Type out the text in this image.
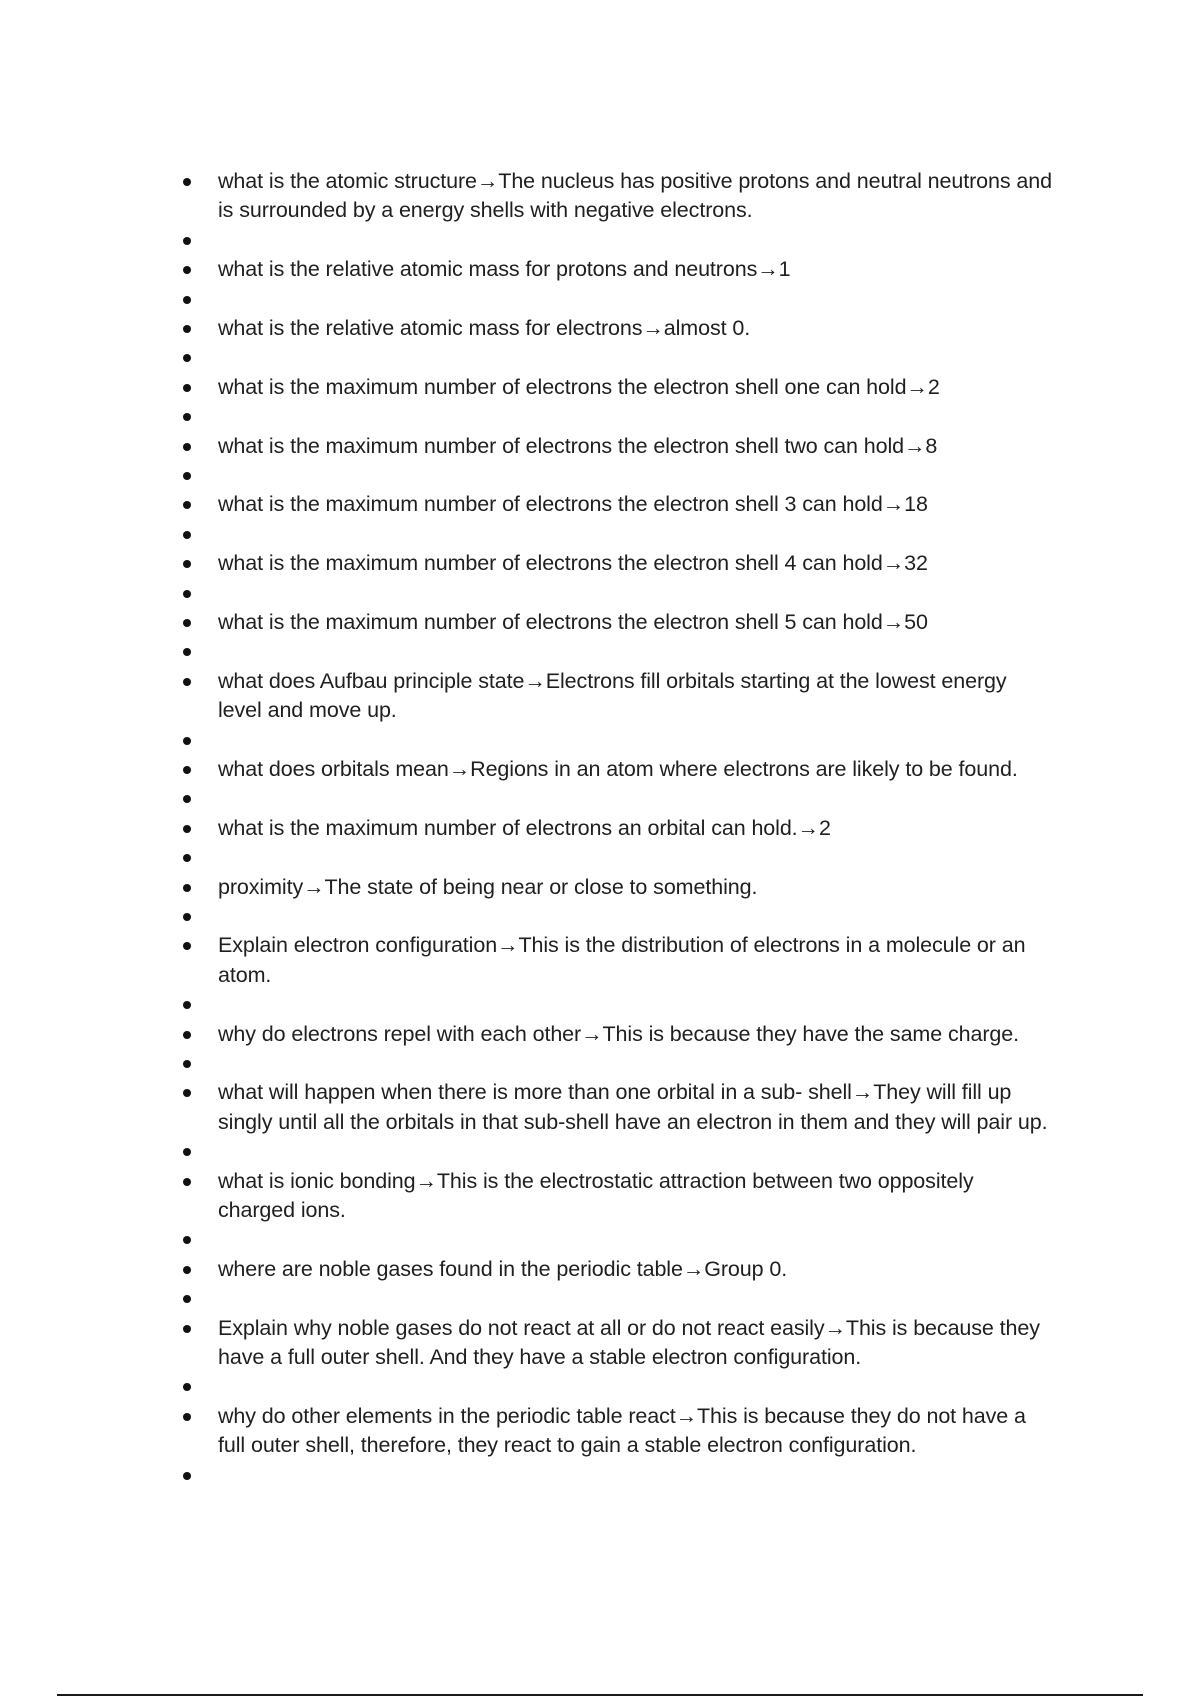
what is the atomic structure→The nucleus has positive protons and neutral neutrons and is surrounded by a energy shells with negative electrons.
what is the relative atomic mass for protons and neutrons→1
what is the relative atomic mass for electrons→almost 0.
what is the maximum number of electrons the electron shell one can hold→2
what is the maximum number of electrons the electron shell two can hold→8
what is the maximum number of electrons the electron shell 3 can hold→18
what is the maximum number of electrons the electron shell 4 can hold→32
what is the maximum number of electrons the electron shell 5 can hold→50
what does Aufbau principle state→Electrons fill orbitals starting at the lowest energy level and move up.
what does orbitals mean→Regions in an atom where electrons are likely to be found.
what is the maximum number of electrons an orbital can hold.→2
proximity→The state of being near or close to something.
Explain electron configuration→This is the distribution of electrons in a molecule or an atom.
why do electrons repel with each other→This is because they have the same charge.
what will happen when there is more than one orbital in a sub- shell→They will fill up singly until all the orbitals in that sub-shell have an electron in them and they will pair up.
what is ionic bonding→This is the electrostatic attraction between two oppositely charged ions.
where are noble gases found in the periodic table→Group 0.
Explain why noble gases do not react at all or do not react easily→This is because they have a full outer shell. And they have a stable electron configuration.
why do other elements in the periodic table react→This is because they do not have a full outer shell, therefore, they react to gain a stable electron configuration.
